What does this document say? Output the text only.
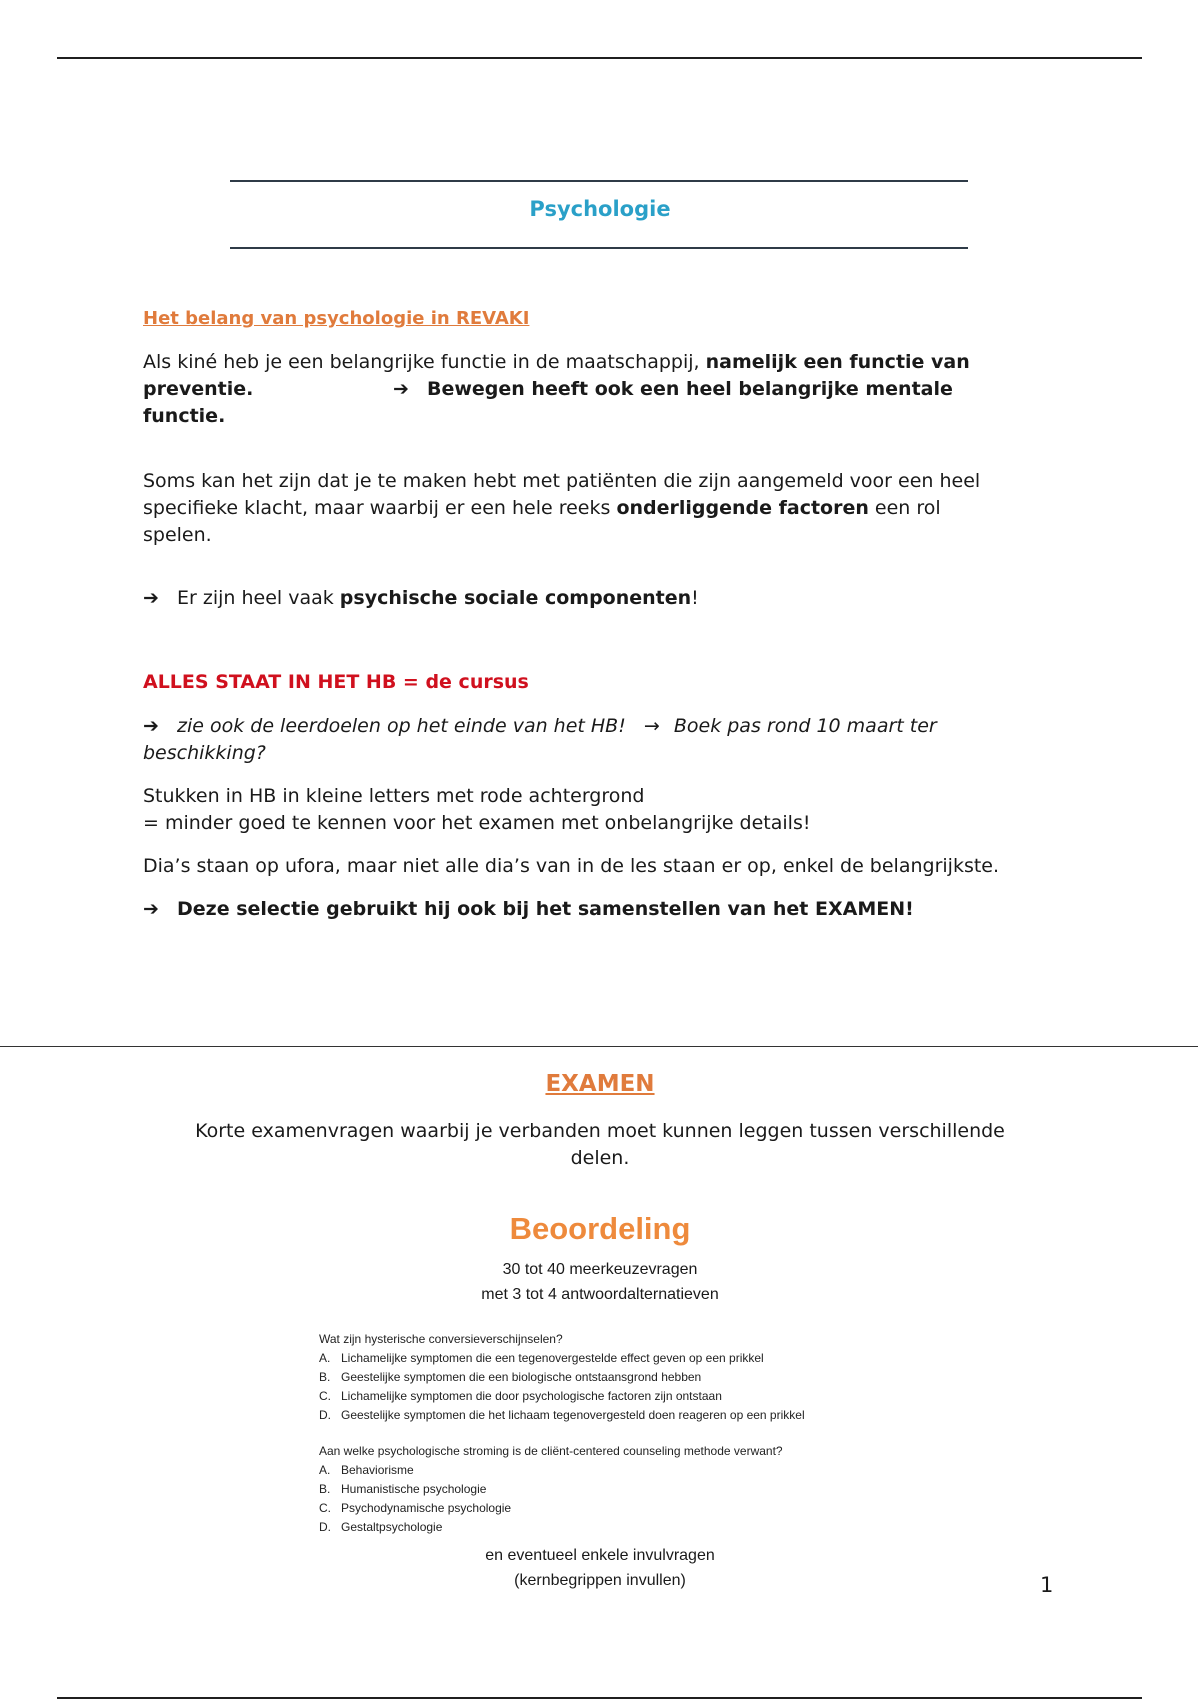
Psychologie
Het belang van psychologie in REVAKI
Als kiné heb je een belangrijke functie in de maatschappij, namelijk een functie van
preventie.	➔ Bewegen heeft ook een heel belangrijke mentale
functie.
Soms kan het zijn dat je te maken hebt met patiënten die zijn aangemeld voor een heel
specifieke klacht, maar waarbij er een hele reeks onderliggende factoren een rol
spelen.
➔ Er zijn heel vaak psychische sociale componenten!
ALLES STAAT IN HET HB = de cursus
➔ zie ook de leerdoelen op het einde van het HB! → Boek pas rond 10 maart ter
beschikking?
Stukken in HB in kleine letters met rode achtergrond
= minder goed te kennen voor het examen met onbelangrijke details!
Dia’s staan op ufora, maar niet alle dia’s van in de les staan er op, enkel de belangrijkste.
➔ Deze selectie gebruikt hij ook bij het samenstellen van het EXAMEN!
EXAMEN
Korte examenvragen waarbij je verbanden moet kunnen leggen tussen verschillende
delen.
Beoordeling
30 tot 40 meerkeuzevragen
met 3 tot 4 antwoordalternatieven
Wat zijn hysterische conversieverschijnselen?
A. Lichamelijke symptomen die een tegenovergestelde effect geven op een prikkel
B. Geestelijke symptomen die een biologische ontstaansgrond hebben
C. Lichamelijke symptomen die door psychologische factoren zijn ontstaan
D. Geestelijke symptomen die het lichaam tegenovergesteld doen reageren op een prikkel
Aan welke psychologische stroming is de cliënt-centered counseling methode verwant?
A. Behaviorisme
B. Humanistische psychologie
C. Psychodynamische psychologie
D. Gestaltpsychologie
en eventueel enkele invulvragen
(kernbegrippen invullen)	1
